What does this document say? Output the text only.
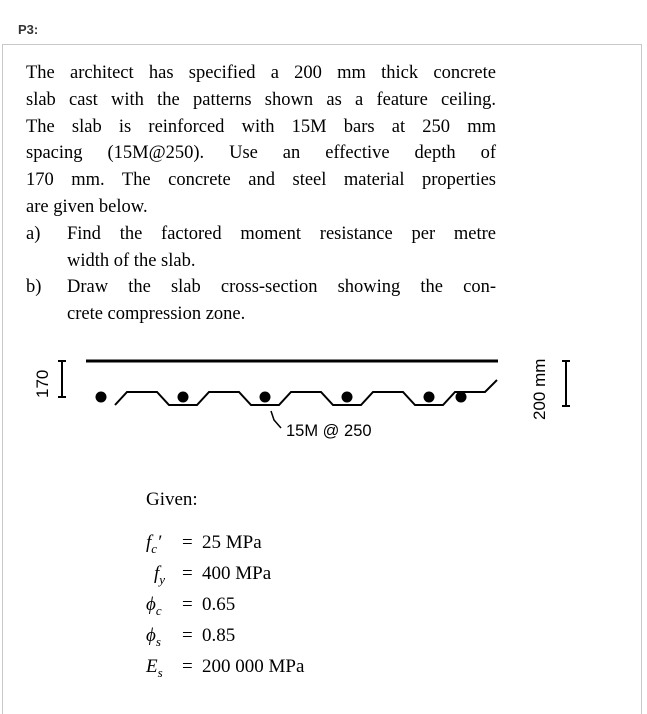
P3:
The architect has specified a 200 mm thick concrete
slab cast with the patterns shown as a feature ceiling.
The slab is reinforced with 15M bars at 250 mm
spacing (15M@250). Use an effective depth of
170 mm. The concrete and steel material properties
are given below.
a)	Find the factored moment resistance per metre
width of the slab.
b)	Draw the slab cross-section showing the con-
crete compression zone.
15M @ 250
170	200 mm
Given:
$f_c'$	= 25 MPa
$f_y = 400$ MPa
$\phi_c$	= 0.65
$\phi_s$	= 0.85
$E_s$	= 200 000 MPa
